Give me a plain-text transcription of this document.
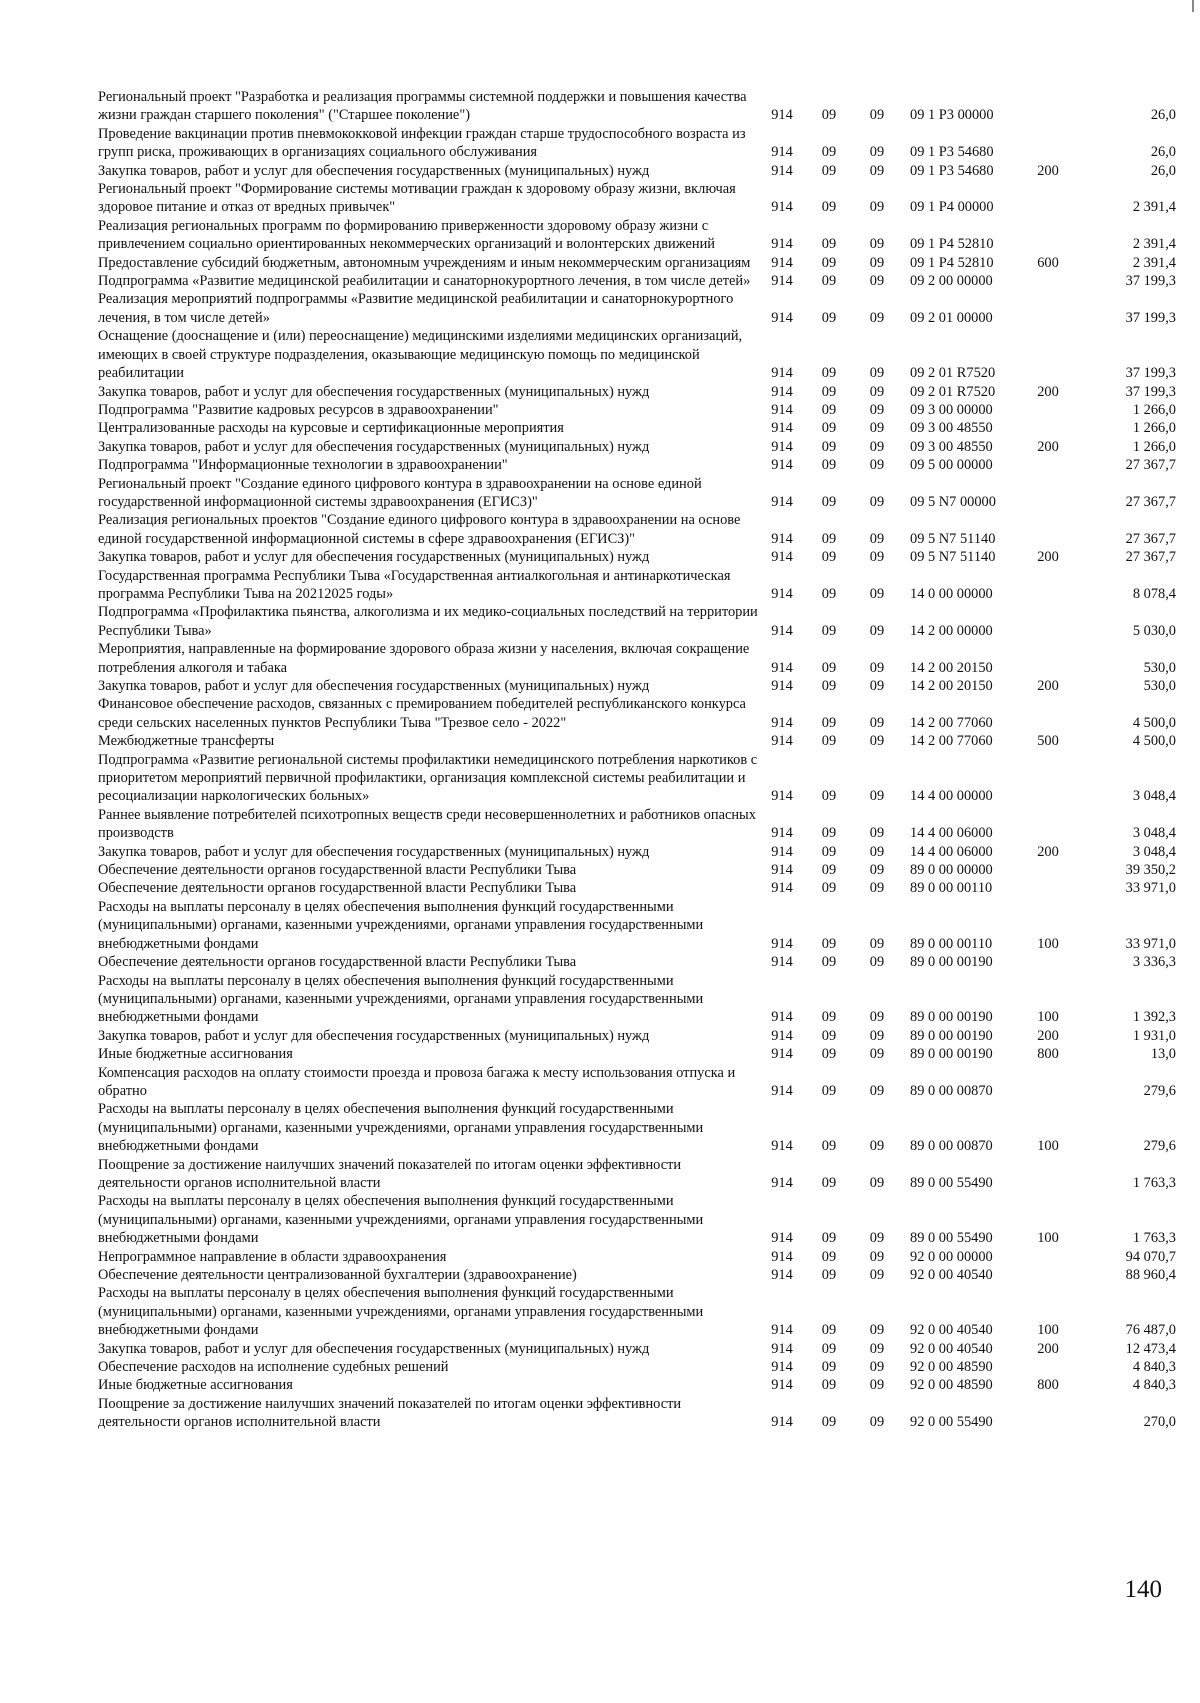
Региональный проект "Разработка и реализация программы системной поддержки и повышения качества жизни граждан старшего поколения" ("Старшее поколение")	914	09	09	09 1 P3 00000		26,0
Проведение вакцинации против пневмококковой инфекции граждан старше трудоспособного возраста из групп риска, проживающих в организациях социального обслуживания	914	09	09	09 1 P3 54680		26,0
Закупка товаров, работ и услуг для обеспечения государственных (муниципальных) нужд	914	09	09	09 1 P3 54680	200	26,0
Региональный проект "Формирование системы мотивации граждан к здоровому образу жизни, включая здоровое питание и отказ от вредных привычек"	914	09	09	09 1 P4 00000		2 391,4
Реализация региональных программ по формированию приверженности здоровому образу жизни с привлечением социально ориентированных некоммерческих организаций и волонтерских движений	914	09	09	09 1 P4 52810		2 391,4
Предоставление субсидий бюджетным, автономным учреждениям и иным некоммерческим организациям	914	09	09	09 1 P4 52810	600	2 391,4
Подпрограмма «Развитие медицинской реабилитации и санаторнокурортного лечения, в том числе детей»	914	09	09	09 2 00 00000		37 199,3
Реализация мероприятий подпрограммы «Развитие медицинской реабилитации и санаторнокурортного лечения, в том числе детей»	914	09	09	09 2 01 00000		37 199,3
Оснащение (дооснащение и (или) переоснащение) медицинскими изделиями медицинских организаций, имеющих в своей структуре подразделения, оказывающие медицинскую помощь по медицинской реабилитации	914	09	09	09 2 01 R7520		37 199,3
Закупка товаров, работ и услуг для обеспечения государственных (муниципальных) нужд	914	09	09	09 2 01 R7520	200	37 199,3
Подпрограмма "Развитие кадровых ресурсов в здравоохранении"	914	09	09	09 3 00 00000		1 266,0
Централизованные расходы на курсовые и сертификационные мероприятия	914	09	09	09 3 00 48550		1 266,0
Закупка товаров, работ и услуг для обеспечения государственных (муниципальных) нужд	914	09	09	09 3 00 48550	200	1 266,0
Подпрограмма "Информационные технологии в здравоохранении"	914	09	09	09 5 00 00000		27 367,7
Региональный проект "Создание единого цифрового контура в здравоохранении на основе единой государственной информационной системы здравоохранения (ЕГИСЗ)"	914	09	09	09 5 N7 00000		27 367,7
Реализация региональных проектов "Создание единого цифрового контура в здравоохранении на основе единой государственной информационной системы в сфере здравоохранения (ЕГИСЗ)"	914	09	09	09 5 N7 51140		27 367,7
Закупка товаров, работ и услуг для обеспечения государственных (муниципальных) нужд	914	09	09	09 5 N7 51140	200	27 367,7
Государственная программа Республики Тыва «Государственная антиалкогольная и антинаркотическая программа Республики Тыва на 20212025 годы»	914	09	09	14 0 00 00000		8 078,4
Подпрограмма «Профилактика пьянства, алкоголизма и их медико-социальных последствий на территории Республики Тыва»	914	09	09	14 2 00 00000		5 030,0
Мероприятия, направленные на формирование здорового образа жизни у населения, включая сокращение потребления алкоголя и табака	914	09	09	14 2 00 20150		530,0
Закупка товаров, работ и услуг для обеспечения государственных (муниципальных) нужд	914	09	09	14 2 00 20150	200	530,0
Финансовое обеспечение расходов, связанных с премированием победителей республиканского конкурса среди сельских населенных пунктов Республики Тыва "Трезвое село - 2022"	914	09	09	14 2 00 77060		4 500,0
Межбюджетные трансферты	914	09	09	14 2 00 77060	500	4 500,0
Подпрограмма «Развитие региональной системы профилактики немедицинского потребления наркотиков с приоритетом мероприятий первичной профилактики, организация комплексной системы реабилитации и ресоциализации наркологических больных»	914	09	09	14 4 00 00000		3 048,4
Раннее выявление потребителей психотропных веществ среди несовершеннолетних и работников опасных производств	914	09	09	14 4 00 06000		3 048,4
Закупка товаров, работ и услуг для обеспечения государственных (муниципальных) нужд	914	09	09	14 4 00 06000	200	3 048,4
Обеспечение деятельности органов государственной власти Республики Тыва	914	09	09	89 0 00 00000		39 350,2
Обеспечение деятельности органов государственной власти Республики Тыва	914	09	09	89 0 00 00110		33 971,0
Расходы на выплаты персоналу в целях обеспечения выполнения функций государственными (муниципальными) органами, казенными учреждениями, органами управления государственными внебюджетными фондами	914	09	09	89 0 00 00110	100	33 971,0
Обеспечение деятельности органов государственной власти Республики Тыва	914	09	09	89 0 00 00190		3 336,3
Расходы на выплаты персоналу в целях обеспечения выполнения функций государственными (муниципальными) органами, казенными учреждениями, органами управления государственными внебюджетными фондами	914	09	09	89 0 00 00190	100	1 392,3
Закупка товаров, работ и услуг для обеспечения государственных (муниципальных) нужд	914	09	09	89 0 00 00190	200	1 931,0
Иные бюджетные ассигнования	914	09	09	89 0 00 00190	800	13,0
Компенсация расходов на оплату стоимости проезда и провоза багажа к месту использования отпуска и обратно	914	09	09	89 0 00 00870		279,6
Расходы на выплаты персоналу в целях обеспечения выполнения функций государственными (муниципальными) органами, казенными учреждениями, органами управления государственными внебюджетными фондами	914	09	09	89 0 00 00870	100	279,6
Поощрение за достижение наилучших значений показателей по итогам оценки эффективности деятельности органов исполнительной власти	914	09	09	89 0 00 55490		1 763,3
Расходы на выплаты персоналу в целях обеспечения выполнения функций государственными (муниципальными) органами, казенными учреждениями, органами управления государственными внебюджетными фондами	914	09	09	89 0 00 55490	100	1 763,3
Непрограммное направление в области здравоохранения	914	09	09	92 0 00 00000		94 070,7
Обеспечение деятельности централизованной бухгалтерии (здравоохранение)	914	09	09	92 0 00 40540		88 960,4
Расходы на выплаты персоналу в целях обеспечения выполнения функций государственными (муниципальными) органами, казенными учреждениями, органами управления государственными внебюджетными фондами	914	09	09	92 0 00 40540	100	76 487,0
Закупка товаров, работ и услуг для обеспечения государственных (муниципальных) нужд	914	09	09	92 0 00 40540	200	12 473,4
Обеспечение расходов на исполнение судебных решений	914	09	09	92 0 00 48590		4 840,3
Иные бюджетные ассигнования	914	09	09	92 0 00 48590	800	4 840,3
Поощрение за достижение наилучших значений показателей по итогам оценки эффективности деятельности органов исполнительной власти	914	09	09	92 0 00 55490		270,0
140
